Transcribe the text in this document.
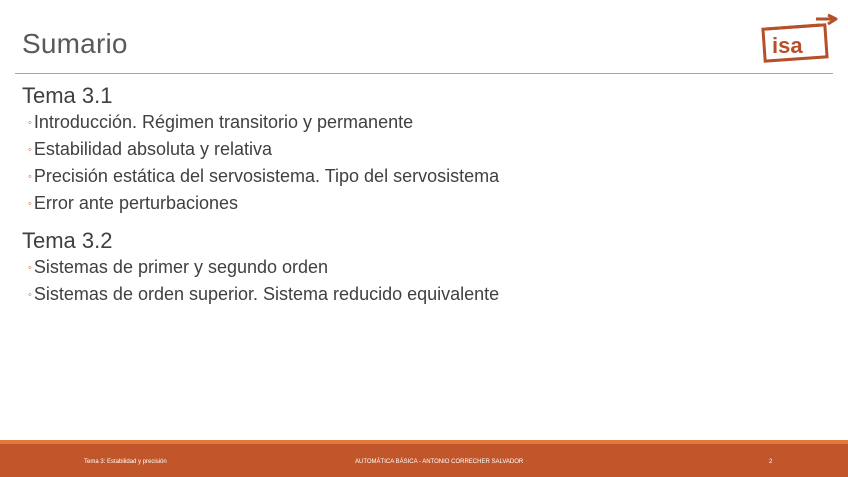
Sumario	isa
Tema 3.1
◦ Introducción. Régimen transitorio y permanente
◦ Estabilidad absoluta y relativa
◦ Precisión estática del servosistema. Tipo del servosistema
◦ Error ante perturbaciones
Tema 3.2
◦ Sistemas de primer y segundo orden
◦ Sistemas de orden superior. Sistema reducido equivalente
Tema 3: Estabilidad y precisión	AUTOMÁTICA BÁSICA - ANTONIO CORRECHER SALVADOR	2
